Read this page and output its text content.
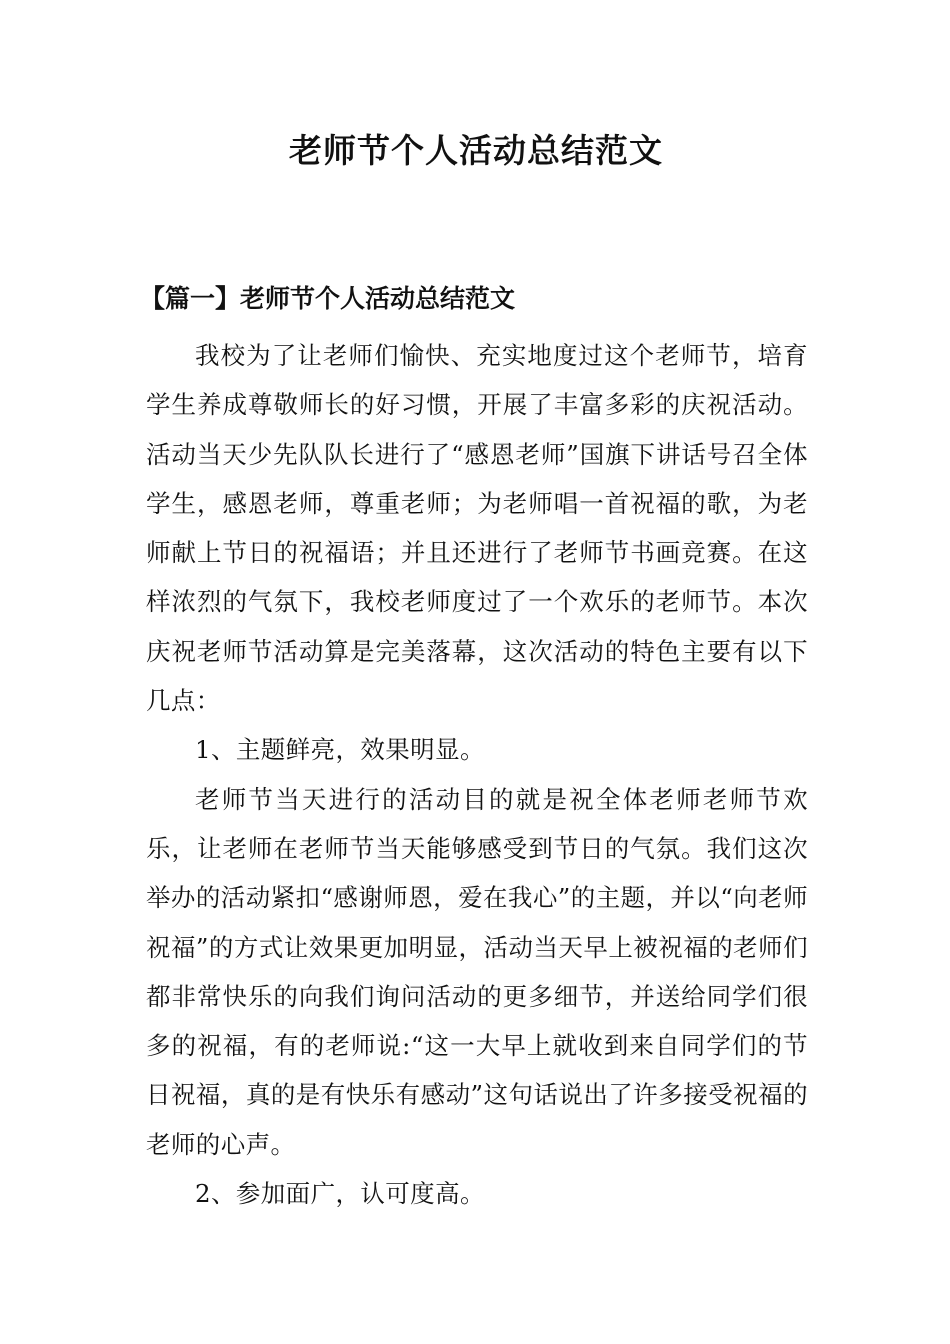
老师节个人活动总结范文
【篇一】老师节个人活动总结范文

我校为了让老师们愉快、充实地度过这个老师节，培育学生养成尊敬师长的好习惯，开展了丰富多彩的庆祝活动。活动当天少先队队长进行了“感恩老师”国旗下讲话号召全体学生，感恩老师，尊重老师；为老师唱一首祝福的歌，为老师献上节日的祝福语；并且还进行了老师节书画竞赛。在这样浓烈的气氛下，我校老师度过了一个欢乐的老师节。本次庆祝老师节活动算是完美落幕，这次活动的特色主要有以下几点：

1、主题鲜亮，效果明显。

老师节当天进行的活动目的就是祝全体老师老师节欢乐，让老师在老师节当天能够感受到节日的气氛。我们这次举办的活动紧扣“感谢师恩，爱在我心”的主题，并以“向老师祝福”的方式让效果更加明显，活动当天早上被祝福的老师们都非常快乐的向我们询问活动的更多细节，并送给同学们很多的祝福，有的老师说:“这一大早上就收到来自同学们的节日祝福，真的是有快乐有感动”这句话说出了许多接受祝福的老师的心声。

2、参加面广，认可度高。
